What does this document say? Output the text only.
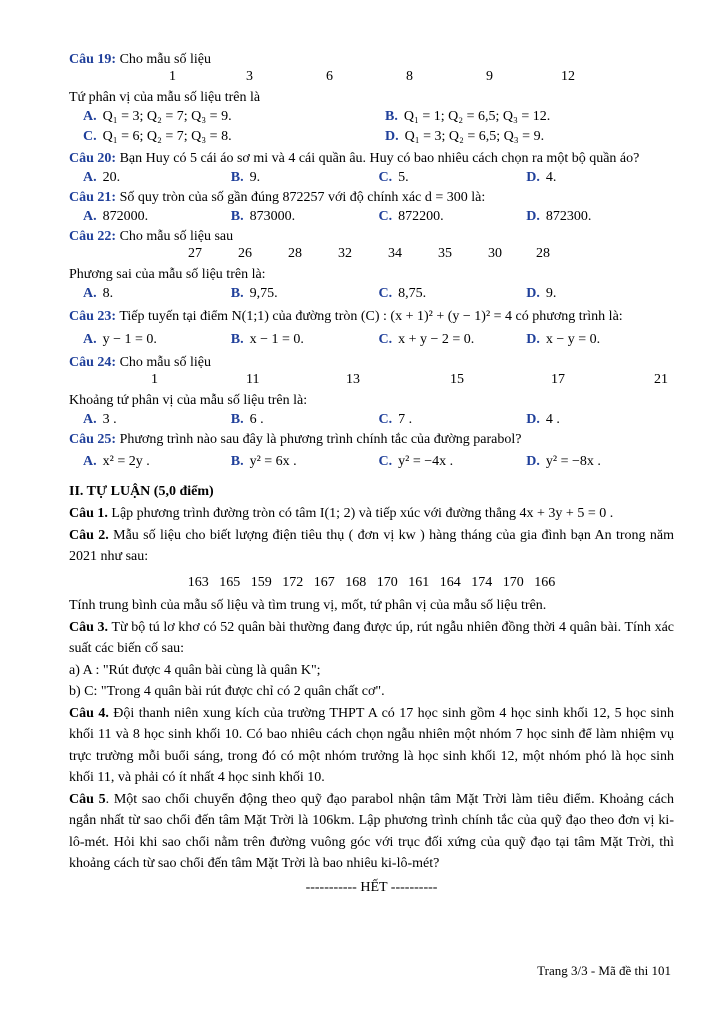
Câu 19: Cho mẫu số liệu

1	3	6	8	9	12

Tứ phân vị của mẫu số liệu trên là

A. Q₁ = 3; Q₂ = 7; Q₃ = 9.	B. Q₁ = 1; Q₂ = 6,5; Q₃ = 12.
C. Q₁ = 6; Q₂ = 7; Q₃ = 8.	D. Q₁ = 3; Q₂ = 6,5; Q₃ = 9.

Câu 20: Bạn Huy có 5 cái áo sơ mi và 4 cái quần âu. Huy có bao nhiêu cách chọn ra một bộ quần áo?

A. 20.	B. 9.	C. 5.	D. 4.

Câu 21: Số quy tròn của số gần đúng 872257 với độ chính xác d = 300 là:

A. 872000.	B. 873000.	C. 872200.	D. 872300.

Câu 22: Cho mẫu số liệu sau

27	26	28	32	34	35	30 28

Phương sai của mẫu số liệu trên là:

A. 8.	B. 9,75.	C. 8,75.	D. 9.

Câu 23: Tiếp tuyến tại điểm N(1;1) của đường tròn (C) : (x + 1)² + (y − 1)² = 4 có phương trình là:

A. y − 1 = 0.	B. x − 1 = 0.	C. x + y − 2 = 0.	D. x − y = 0.

Câu 24: Cho mẫu số liệu

1	11	13	15	17	21

Khoảng tứ phân vị của mẫu số liệu trên là:

A. 3 .	B. 6 .	C. 7 .	D. 4 .

Câu 25: Phương trình nào sau đây là phương trình chính tắc của đường parabol?

A. x² = 2y .	B. y² = 6x .	C. y² = −4x .	D. y² = −8x .
II. TỰ LUẬN (5,0 điểm)

Câu 1. Lập phương trình đường tròn có tâm I(1; 2) và tiếp xúc với đường thẳng 4x + 3y + 5 = 0 .

Câu 2. Mẫu số liệu cho biết lượng điện tiêu thụ ( đơn vị kw ) hàng tháng của gia đình bạn An trong năm 2021 như sau:

163   165   159   172   167   168   170   161   164   174   170   166

Tính trung bình của mẫu số liệu và tìm trung vị, mốt, tứ phân vị của mẫu số liệu trên.

Câu 3. Từ bộ tú lơ khơ có 52 quân bài thường đang được úp, rút ngẫu nhiên đồng thời 4 quân bài. Tính xác suất các biến cố sau:

a) A : "Rút được 4 quân bài cùng là quân K";

b) C: "Trong 4 quân bài rút được chỉ có 2 quân chất cơ".

Câu 4. Đội thanh niên xung kích của trường THPT A có 17 học sinh gồm 4 học sinh khối 12, 5 học sinh khối 11 và 8 học sinh khối 10. Có bao nhiêu cách chọn ngẫu nhiên một nhóm 7 học sinh để làm nhiệm vụ trực trường mỗi buổi sáng, trong đó có một nhóm trưởng là học sinh khối 12, một nhóm phó là học sinh khối 11, và phải có ít nhất 4 học sinh khối 10.

Câu 5. Một sao chổi chuyển động theo quỹ đạo parabol nhận tâm Mặt Trời làm tiêu điểm. Khoảng cách ngắn nhất từ sao chổi đến tâm Mặt Trời là 106km. Lập phương trình chính tắc của quỹ đạo theo đơn vị ki-lô-mét. Hỏi khi sao chổi nằm trên đường vuông góc với trục đối xứng của quỹ đạo tại tâm Mặt Trời, thì khoảng cách từ sao chổi đến tâm Mặt Trời là bao nhiêu ki-lô-mét?

----------- HẾT ----------

Trang 3/3 - Mã đề thi 101
